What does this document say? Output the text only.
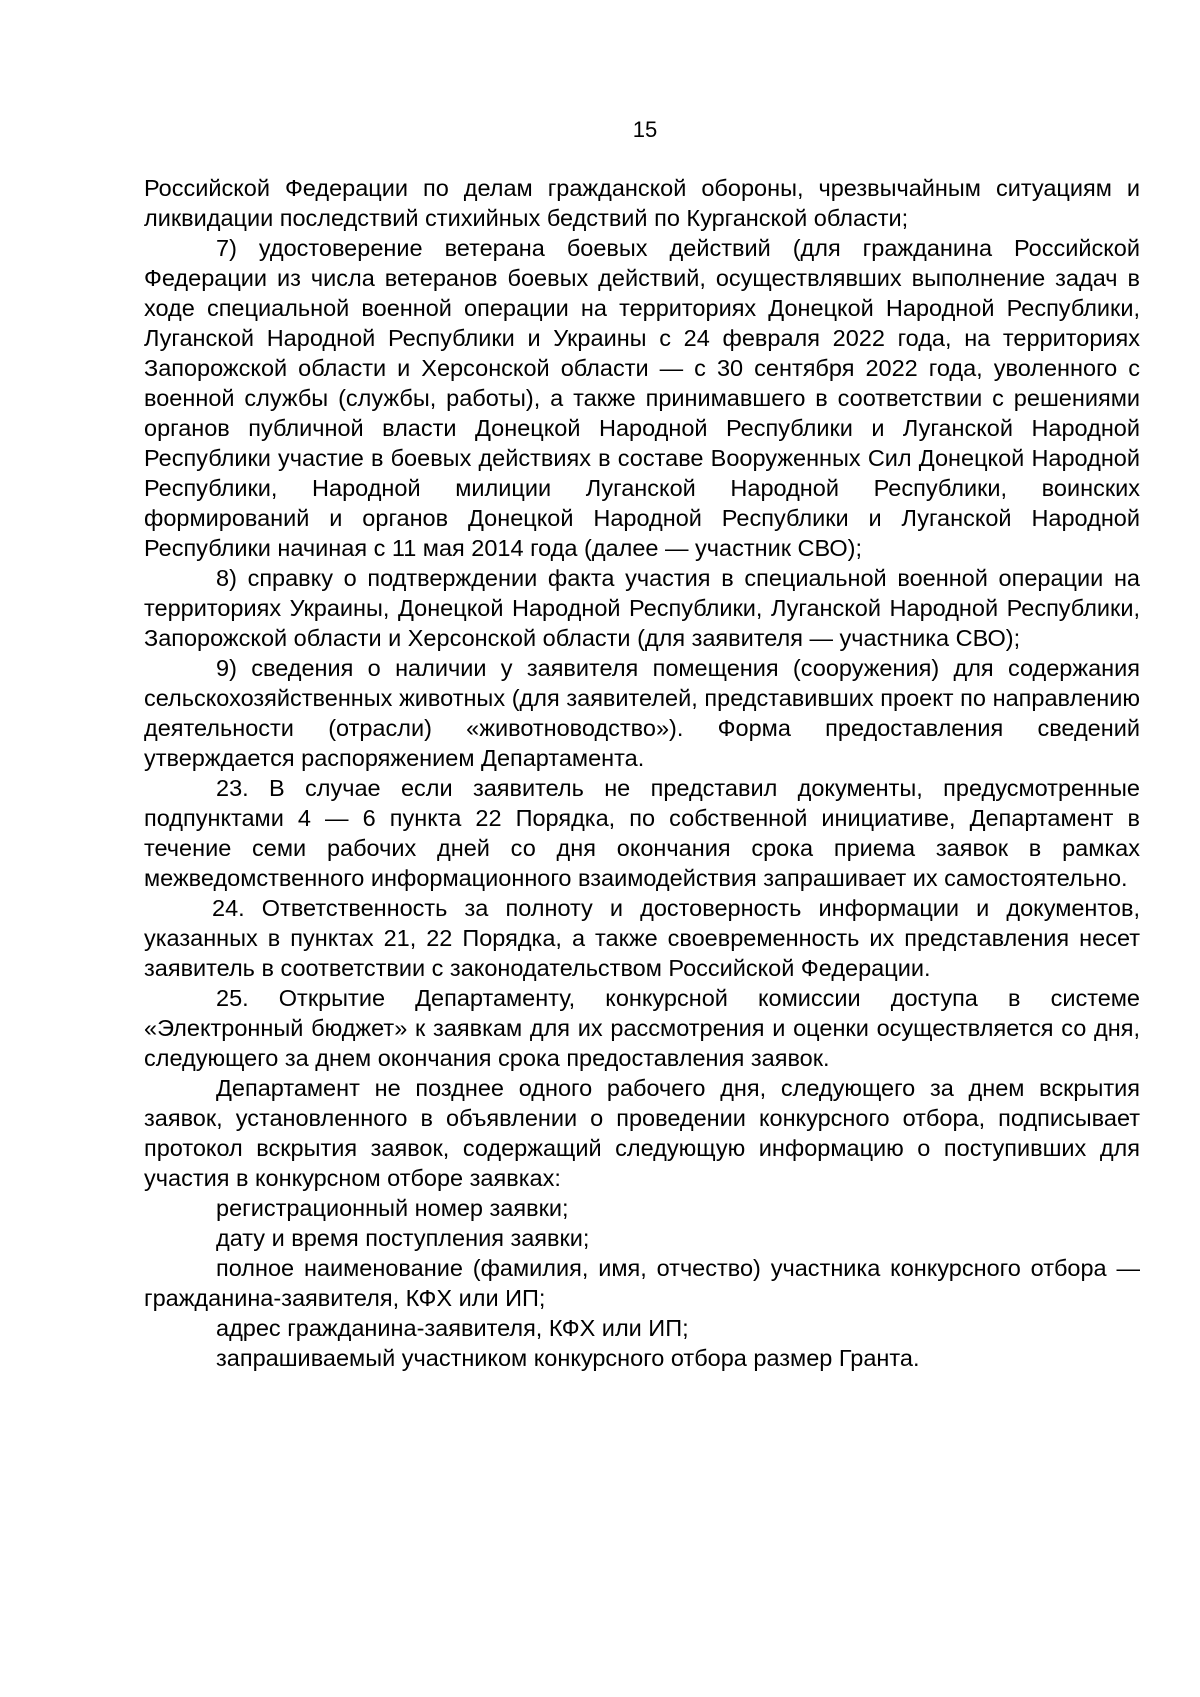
15

Российской Федерации по делам гражданской обороны, чрезвычайным ситуациям и ликвидации последствий стихийных бедствий по Курганской области;

7) удостоверение ветерана боевых действий (для гражданина Российской Федерации из числа ветеранов боевых действий, осуществлявших выполнение задач в ходе специальной военной операции на территориях Донецкой Народной Республики, Луганской Народной Республики и Украины с 24 февраля 2022 года, на территориях Запорожской области и Херсонской области — с 30 сентября 2022 года, уволенного с военной службы (службы, работы), а также принимавшего в соответствии с решениями органов публичной власти Донецкой Народной Республики и Луганской Народной Республики участие в боевых действиях в составе Вооруженных Сил Донецкой Народной Республики, Народной милиции Луганской Народной Республики, воинских формирований и органов Донецкой Народной Республики и Луганской Народной Республики начиная с 11 мая 2014 года (далее — участник СВО);

8) справку о подтверждении факта участия в специальной военной операции на территориях Украины, Донецкой Народной Республики, Луганской Народной Республики, Запорожской области и Херсонской области (для заявителя — участника СВО);

9) сведения о наличии у заявителя помещения (сооружения) для содержания сельскохозяйственных животных (для заявителей, представивших проект по направлению деятельности (отрасли) «животноводство»). Форма предоставления сведений утверждается распоряжением Департамента.

23. В случае если заявитель не представил документы, предусмотренные подпунктами 4 — 6 пункта 22 Порядка, по собственной инициативе, Департамент в течение семи рабочих дней со дня окончания срока приема заявок в рамках межведомственного информационного взаимодействия запрашивает их самостоятельно.

24. Ответственность за полноту и достоверность информации и документов, указанных в пунктах 21, 22 Порядка, а также своевременность их представления несет заявитель в соответствии с законодательством Российской Федерации.

25. Открытие Департаменту, конкурсной комиссии доступа в системе «Электронный бюджет» к заявкам для их рассмотрения и оценки осуществляется со дня, следующего за днем окончания срока предоставления заявок.

Департамент не позднее одного рабочего дня, следующего за днем вскрытия заявок, установленного в объявлении о проведении конкурсного отбора, подписывает протокол вскрытия заявок, содержащий следующую информацию о поступивших для участия в конкурсном отборе заявках:

регистрационный номер заявки;

дату и время поступления заявки;

полное наименование (фамилия, имя, отчество) участника конкурсного отбора — гражданина-заявителя, КФХ или ИП;

адрес гражданина-заявителя, КФХ или ИП;

запрашиваемый участником конкурсного отбора размер Гранта.
